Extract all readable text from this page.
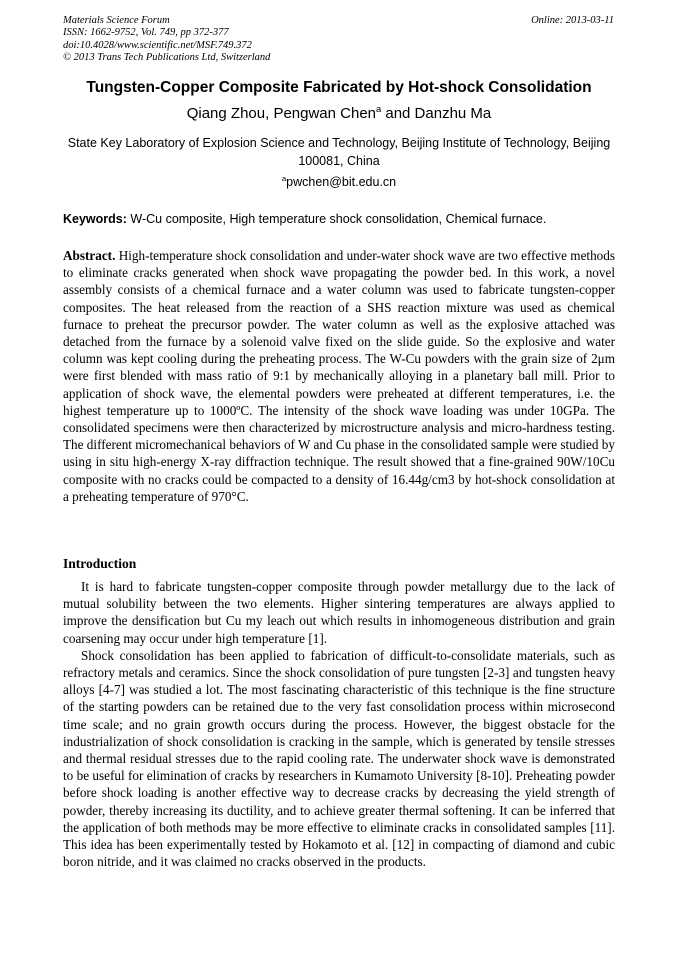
Materials Science Forum
ISSN: 1662-9752, Vol. 749, pp 372-377
doi:10.4028/www.scientific.net/MSF.749.372
© 2013 Trans Tech Publications Ltd, Switzerland
Online: 2013-03-11
Tungsten-Copper Composite Fabricated by Hot-shock Consolidation
Qiang Zhou, Pengwan Chen$^a$ and Danzhu Ma
State Key Laboratory of Explosion Science and Technology, Beijing Institute of Technology, Beijing 100081, China
$^a$pwchen@bit.edu.cn
Keywords: W-Cu composite, High temperature shock consolidation, Chemical furnace.
Abstract. High-temperature shock consolidation and under-water shock wave are two effective methods to eliminate cracks generated when shock wave propagating the powder bed. In this work, a novel assembly consists of a chemical furnace and a water column was used to fabricate tungsten-copper composites. The heat released from the reaction of a SHS reaction mixture was used as chemical furnace to preheat the precursor powder. The water column as well as the explosive attached was detached from the furnace by a solenoid valve fixed on the slide guide. So the explosive and water column was kept cooling during the preheating process. The W-Cu powders with the grain size of 2μm were first blended with mass ratio of 9:1 by mechanically alloying in a planetary ball mill. Prior to application of shock wave, the elemental powders were preheated at different temperatures, i.e. the highest temperature up to 1000ºC. The intensity of the shock wave loading was under 10GPa. The consolidated specimens were then characterized by microstructure analysis and micro-hardness testing. The different micromechanical behaviors of W and Cu phase in the consolidated sample were studied by using in situ high-energy X-ray diffraction technique. The result showed that a fine-grained 90W/10Cu composite with no cracks could be compacted to a density of 16.44g/cm3 by hot-shock consolidation at a preheating temperature of 970°C.
Introduction

It is hard to fabricate tungsten-copper composite through powder metallurgy due to the lack of mutual solubility between the two elements. Higher sintering temperatures are always applied to improve the densification but Cu my leach out which results in inhomogeneous distribution and grain coarsening may occur under high temperature [1].

Shock consolidation has been applied to fabrication of difficult-to-consolidate materials, such as refractory metals and ceramics. Since the shock consolidation of pure tungsten [2-3] and tungsten heavy alloys [4-7] was studied a lot. The most fascinating characteristic of this technique is the fine structure of the starting powders can be retained due to the very fast consolidation process within microsecond time scale; and no grain growth occurs during the process. However, the biggest obstacle for the industrialization of shock consolidation is cracking in the sample, which is generated by tensile stresses and thermal residual stresses due to the rapid cooling rate. The underwater shock wave is demonstrated to be useful for elimination of cracks by researchers in Kumamoto University [8-10]. Preheating powder before shock loading is another effective way to decrease cracks by decreasing the yield strength of powder, thereby increasing its ductility, and to achieve greater thermal softening. It can be inferred that the application of both methods may be more effective to eliminate cracks in consolidated samples [11]. This idea has been experimentally tested by Hokamoto et al. [12] in compacting of diamond and cubic boron nitride, and it was claimed no cracks observed in the products.
